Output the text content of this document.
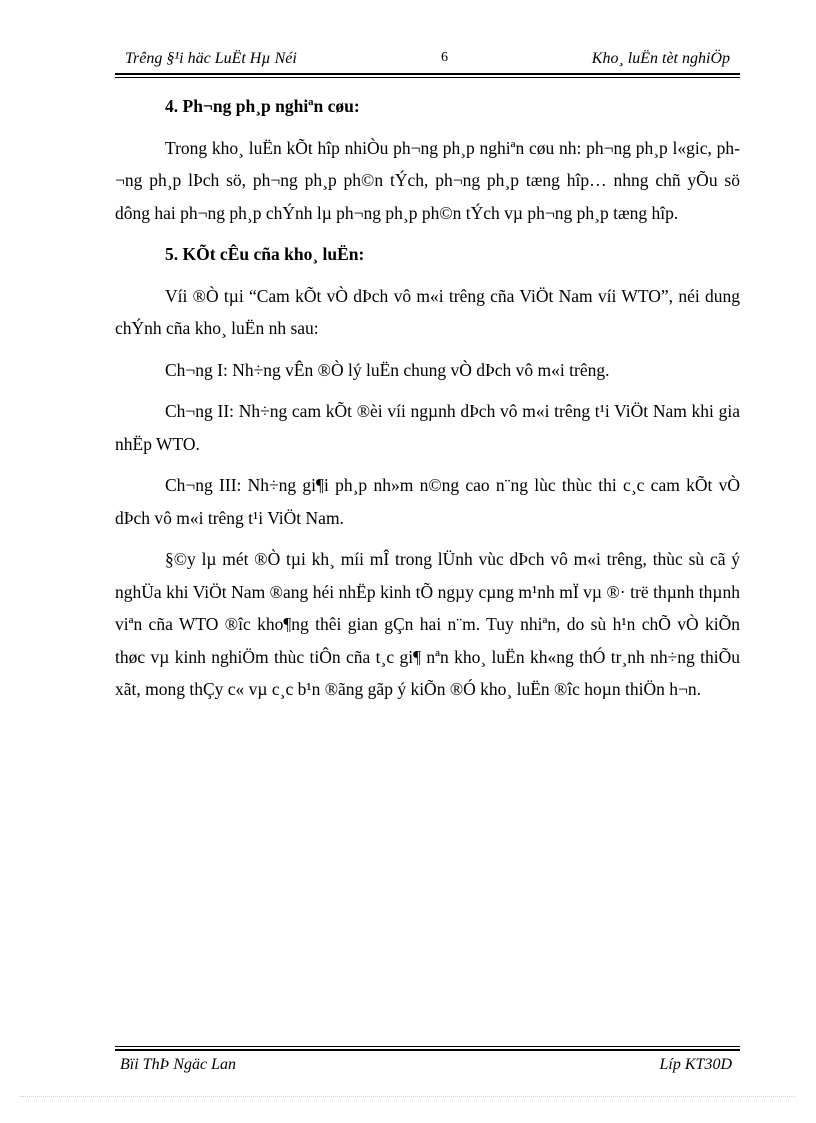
Trêng §¹i häc LuËt Hµ Néi	6	Kho¸ luËn tèt nghiÖp
4. Ph¬ng ph¸p nghiªn cøu:

Trong kho¸ luËn kÕt hîp nhiÒu ph¬ng ph¸p nghiªn cøu nh: ph¬ng ph¸p l«gic, ph¬ng ph¸p lÞch sö, ph¬ng ph¸p ph©n tÝch, ph¬ng ph¸p tæng hîp… nhng chñ yÕu sö dông hai ph¬ng ph¸p chÝnh lµ ph¬ng ph¸p ph©n tÝch vµ ph¬ng ph¸p tæng hîp.

5. KÕt cÊu cña kho¸ luËn:

Víi ®Ò tµi “Cam kÕt vÒ dÞch vô m«i trêng cña ViÖt Nam víi WTO”, néi dung chÝnh cña kho¸ luËn nh sau:

Ch¬ng I: Nh÷ng vÊn ®Ò lý luËn chung vÒ dÞch vô m«i trêng.

Ch¬ng II: Nh÷ng cam kÕt ®èi víi ngµnh dÞch vô m«i trêng t¹i ViÖt Nam khi gia nhËp WTO.

Ch¬ng III: Nh÷ng gi¶i ph¸p nh»m n©ng cao n¨ng lùc thùc thi c¸c cam kÕt vÒ dÞch vô m«i trêng t¹i ViÖt Nam.

§©y lµ mét ®Ò tµi kh¸ míi mÎ trong lÜnh vùc dÞch vô m«i trêng, thùc sù cã ý nghÜa khi ViÖt Nam ®ang héi nhËp kinh tÕ ngµy cµng m¹nh mÏ vµ ®· trë thµnh thµnh viªn cña WTO ®îc kho¶ng thêi gian gÇn hai n¨m. Tuy nhiªn, do sù h¹n chÕ vÒ kiÕn thøc vµ kinh nghiÖm thùc tiÔn cña t¸c gi¶ nªn kho¸ luËn kh«ng thÓ tr¸nh nh÷ng thiÕu xãt, mong thÇy c« vµ c¸c b¹n ®ãng gãp ý kiÕn ®Ó kho¸ luËn ®îc hoµn thiÖn h¬n.

Bïi ThÞ Ngäc Lan	Líp KT30D
